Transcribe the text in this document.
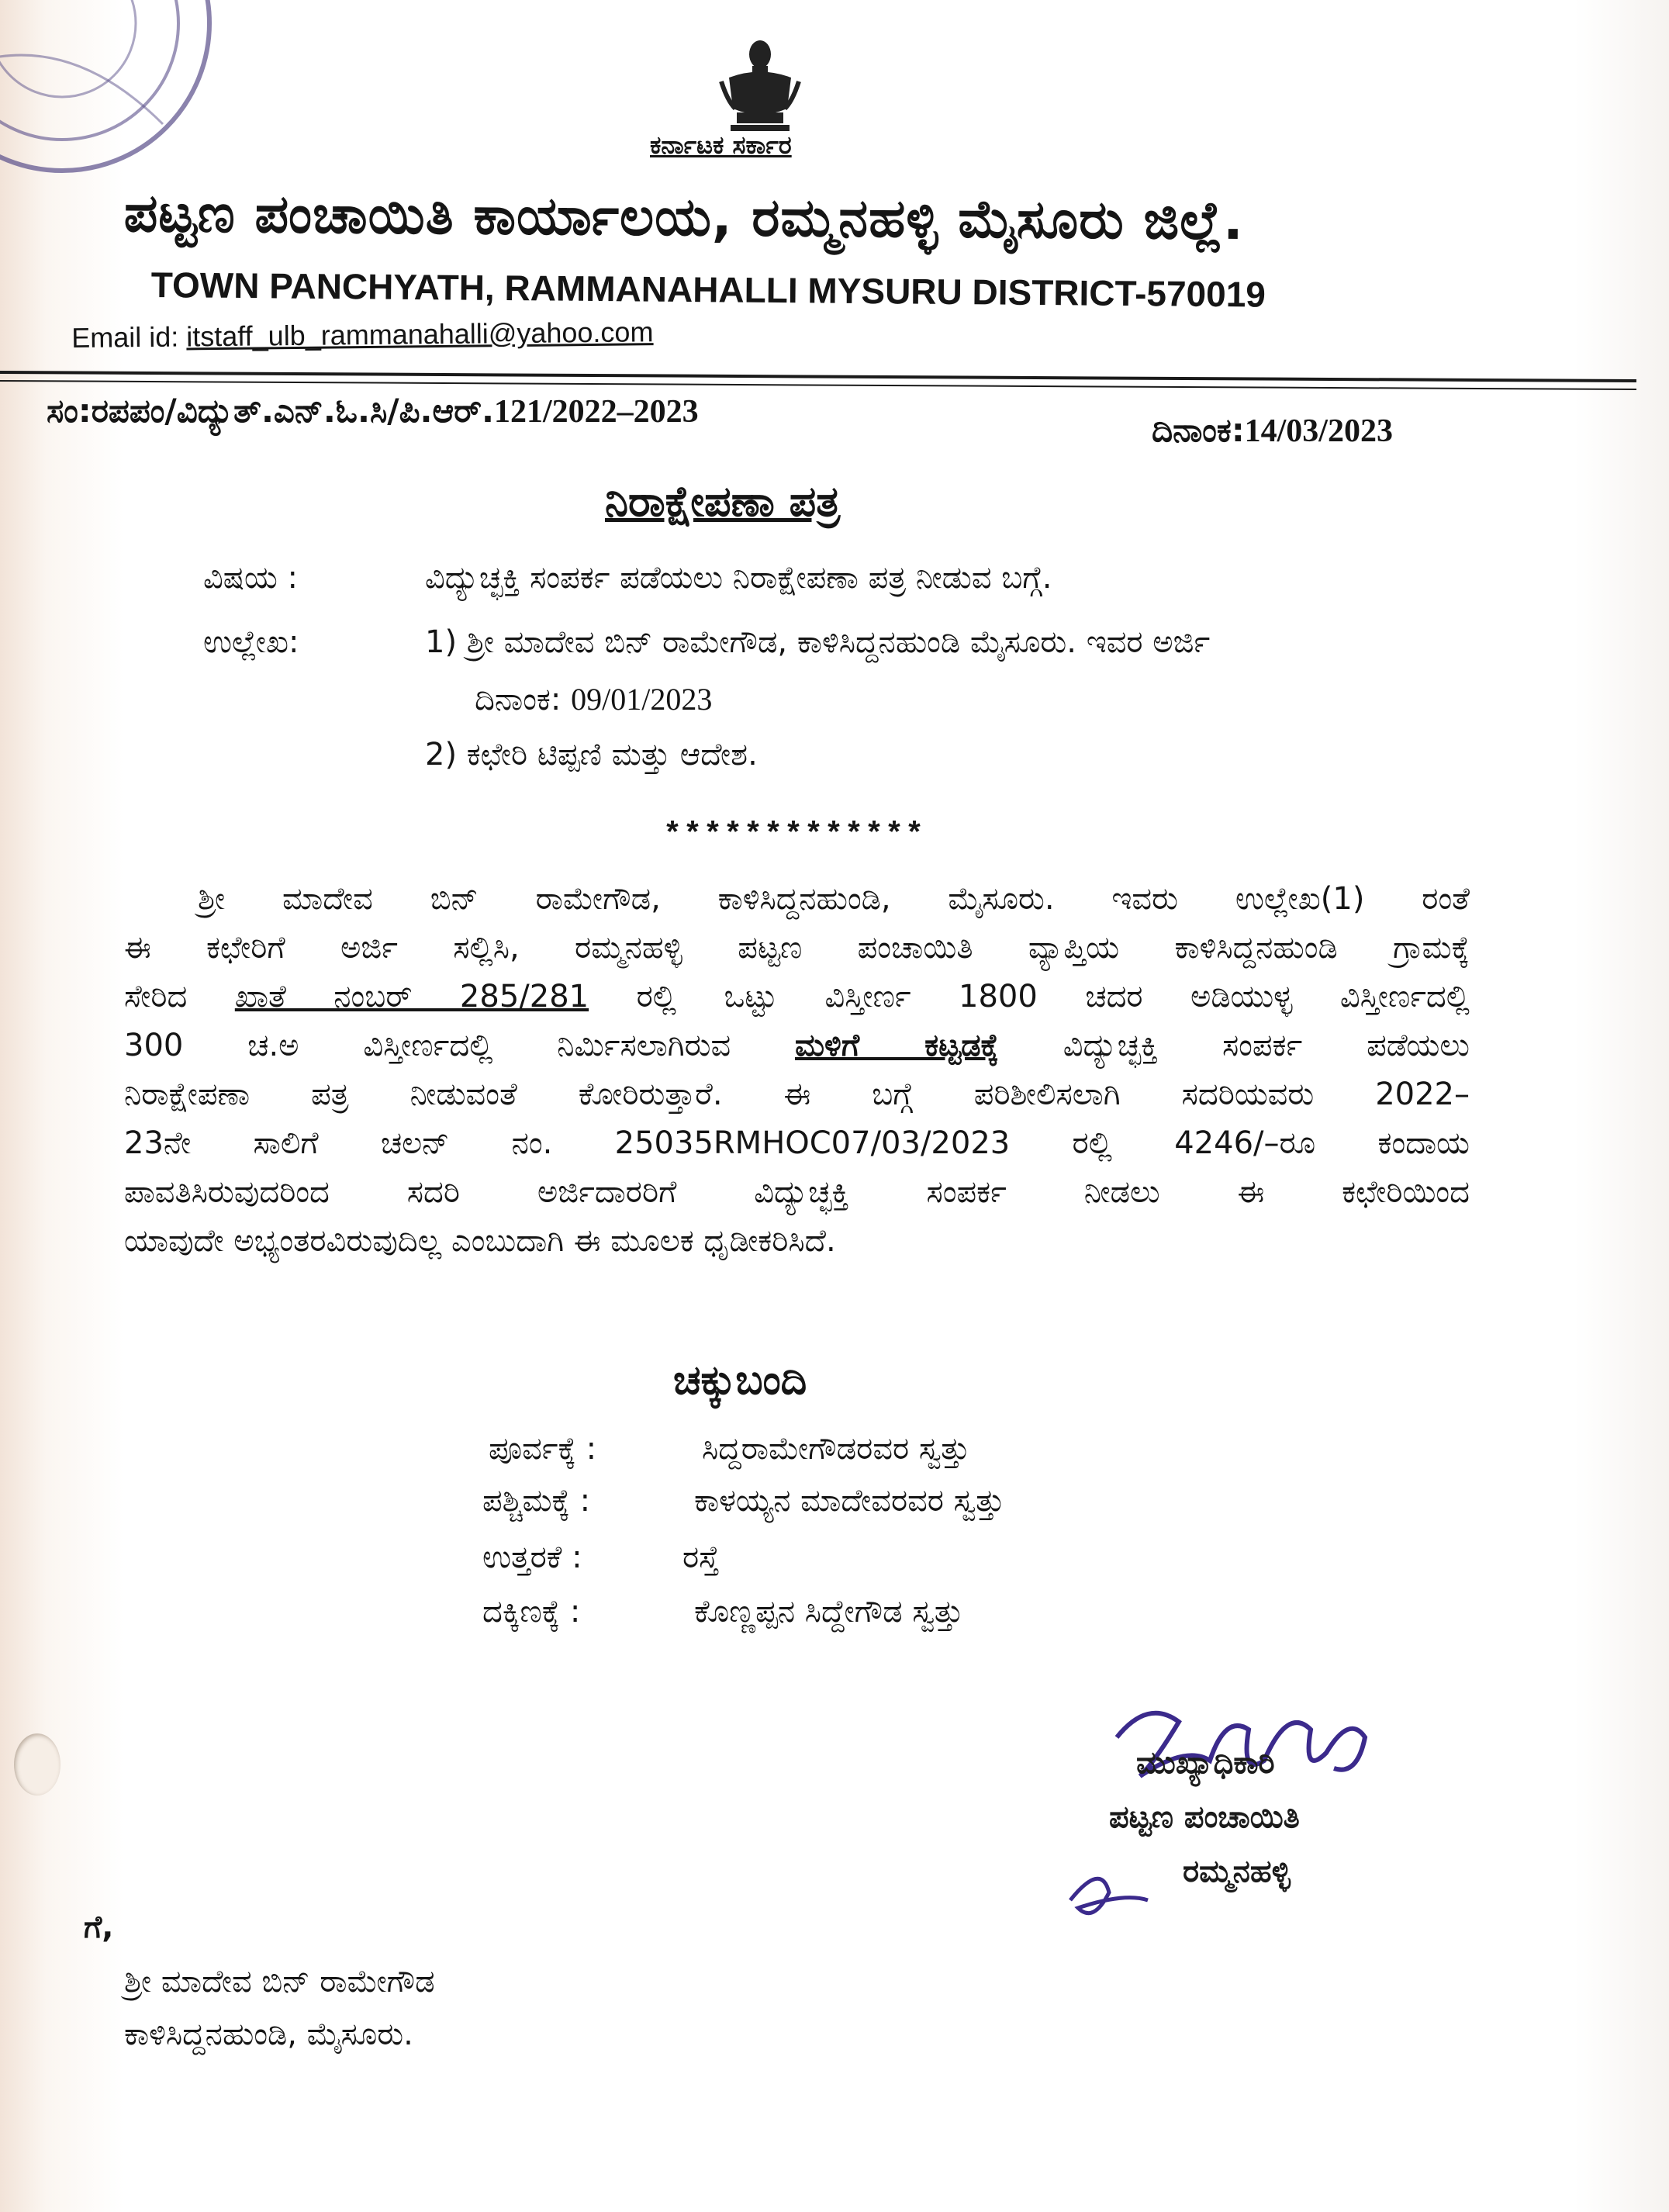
ಕರ್ನಾಟಕ ಸರ್ಕಾರ
ಪಟ್ಟಣ ಪಂಚಾಯಿತಿ ಕಾರ್ಯಾಲಯ, ರಮ್ಮನಹಳ್ಳಿ ಮೈಸೂರು ಜಿಲ್ಲೆ.
TOWN PANCHYATH, RAMMANAHALLI MYSURU DISTRICT-570019
Email id: itstaff_ulb_rammanahalli@yahoo.com
ಸಂ:ರಪಪಂ/ವಿದ್ಯುತ್.ಎನ್.ಓ.ಸಿ/ಪಿ.ಆರ್.121/2022–2023	ದಿನಾಂಕ:14/03/2023
ನಿರಾಕ್ಷೇಪಣಾ ಪತ್ರ
ವಿಷಯ :	ವಿದ್ಯುಚ್ಛಕ್ತಿ ಸಂಪರ್ಕ ಪಡೆಯಲು ನಿರಾಕ್ಷೇಪಣಾ ಪತ್ರ ನೀಡುವ ಬಗ್ಗೆ.
ಉಲ್ಲೇಖ:	1) ಶ್ರೀ ಮಾದೇವ ಬಿನ್ ರಾಮೇಗೌಡ, ಕಾಳಿಸಿದ್ದನಹುಂಡಿ ಮೈಸೂರು. ಇವರ ಅರ್ಜಿ
ದಿನಾಂಕ: 09/01/2023
2) ಕಛೇರಿ ಟಿಪ್ಪಣಿ ಮತ್ತು ಆದೇಶ.
*************
ಶ್ರೀ ಮಾದೇವ ಬಿನ್ ರಾಮೇಗೌಡ, ಕಾಳಿಸಿದ್ದನಹುಂಡಿ, ಮೈಸೂರು. ಇವರು ಉಲ್ಲೇಖ(1) ರಂತೆ
ಈ ಕಛೇರಿಗೆ ಅರ್ಜಿ ಸಲ್ಲಿಸಿ, ರಮ್ಮನಹಳ್ಳಿ ಪಟ್ಟಣ ಪಂಚಾಯಿತಿ ವ್ಯಾಪ್ತಿಯ ಕಾಳಿಸಿದ್ದನಹುಂಡಿ ಗ್ರಾಮಕ್ಕೆ
ಸೇರಿದ ಖಾತೆ ನಂಬರ್ 285/281 ರಲ್ಲಿ ಒಟ್ಟು ವಿಸ್ತೀರ್ಣ 1800 ಚದರ ಅಡಿಯುಳ್ಳ ವಿಸ್ತೀರ್ಣದಲ್ಲಿ
300 ಚ.ಅ ವಿಸ್ತೀರ್ಣದಲ್ಲಿ ನಿರ್ಮಿಸಲಾಗಿರುವ ಮಳಿಗೆ ಕಟ್ಟಡಕ್ಕೆ ವಿದ್ಯುಚ್ಛಕ್ತಿ ಸಂಪರ್ಕ ಪಡೆಯಲು
ನಿರಾಕ್ಷೇಪಣಾ ಪತ್ರ ನೀಡುವಂತೆ ಕೋರಿರುತ್ತಾರೆ. ಈ ಬಗ್ಗೆ ಪರಿಶೀಲಿಸಲಾಗಿ ಸದರಿಯವರು 2022–
23ನೇ ಸಾಲಿಗೆ ಚಲನ್ ನಂ. 25035RMHOC07/03/2023 ರಲ್ಲಿ 4246/–ರೂ ಕಂದಾಯ
ಪಾವತಿಸಿರುವುದರಿಂದ ಸದರಿ ಅರ್ಜಿದಾರರಿಗೆ ವಿದ್ಯುಚ್ಛಕ್ತಿ ಸಂಪರ್ಕ ನೀಡಲು ಈ ಕಛೇರಿಯಿಂದ
ಯಾವುದೇ ಅಭ್ಯಂತರವಿರುವುದಿಲ್ಲ ಎಂಬುದಾಗಿ ಈ ಮೂಲಕ ಧೃಡೀಕರಿಸಿದೆ.
ಚಕ್ಕುಬಂದಿ
ಪೂರ್ವಕ್ಕೆ :	ಸಿದ್ದರಾಮೇಗೌಡರವರ ಸ್ವತ್ತು
ಪಶ್ಚಿಮಕ್ಕೆ :	ಕಾಳಯ್ಯನ ಮಾದೇವರವರ ಸ್ವತ್ತು
ಉತ್ತರಕೆ :	ರಸ್ತೆ
ದಕ್ಕಿಣಕ್ಕೆ :	ಕೊಣ್ಣಪ್ಪನ ಸಿದ್ದೇಗೌಡ ಸ್ವತ್ತು
ಮುಖ್ಯಾಧಿಕಾರಿ
ಪಟ್ಟಣ ಪಂಚಾಯಿತಿ
ರಮ್ಮನಹಳ್ಳಿ
ಗೆ,
ಶ್ರೀ ಮಾದೇವ ಬಿನ್ ರಾಮೇಗೌಡ
ಕಾಳಿಸಿದ್ದನಹುಂಡಿ, ಮೈಸೂರು.
